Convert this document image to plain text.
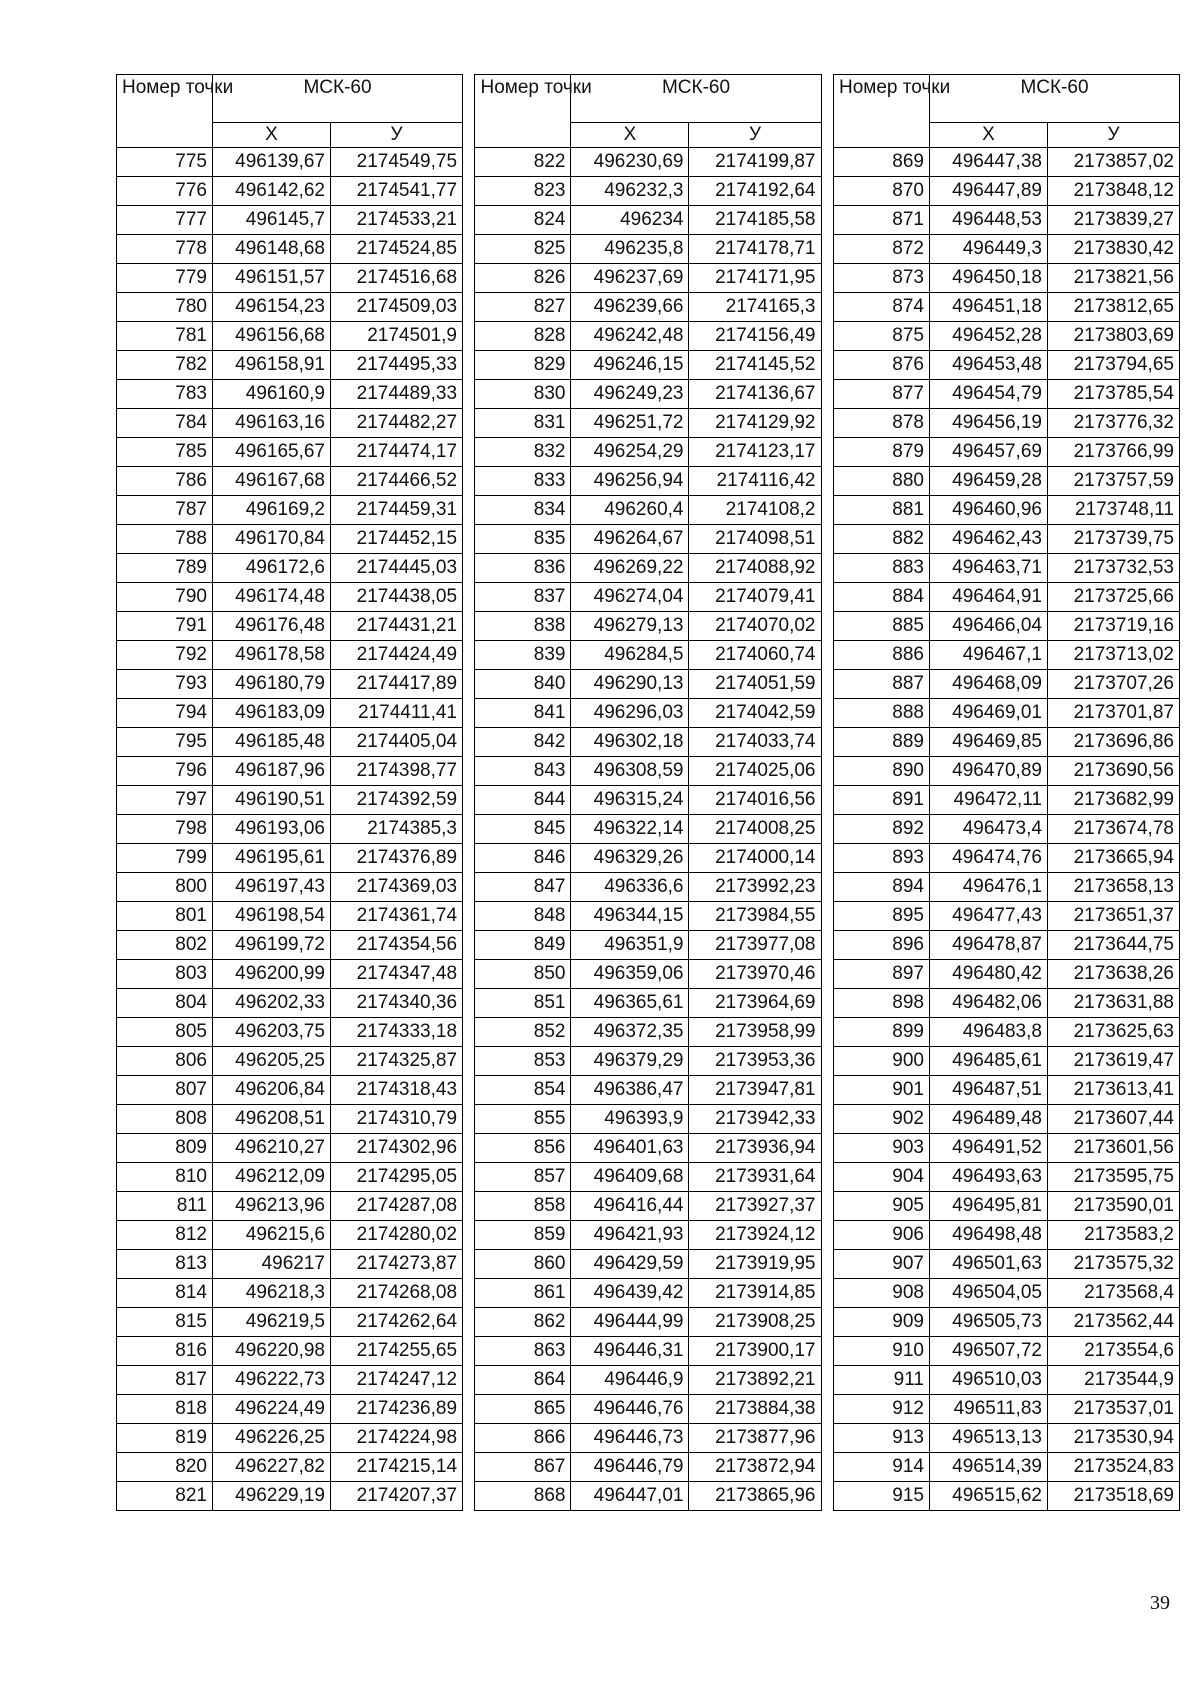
Номер точки	МСК-60	
	X	У
775	496139,67	2174549,75
776	496142,62	2174541,77
777	496145,7	2174533,21
778	496148,68	2174524,85
779	496151,57	2174516,68
780	496154,23	2174509,03
781	496156,68	2174501,9
782	496158,91	2174495,33
783	496160,9	2174489,33
784	496163,16	2174482,27
785	496165,67	2174474,17
786	496167,68	2174466,52
787	496169,2	2174459,31
788	496170,84	2174452,15
789	496172,6	2174445,03
790	496174,48	2174438,05
791	496176,48	2174431,21
792	496178,58	2174424,49
793	496180,79	2174417,89
794	496183,09	2174411,41
795	496185,48	2174405,04
796	496187,96	2174398,77
797	496190,51	2174392,59
798	496193,06	2174385,3
799	496195,61	2174376,89
800	496197,43	2174369,03
801	496198,54	2174361,74
802	496199,72	2174354,56
803	496200,99	2174347,48
804	496202,33	2174340,36
805	496203,75	2174333,18
806	496205,25	2174325,87
807	496206,84	2174318,43
808	496208,51	2174310,79
809	496210,27	2174302,96
810	496212,09	2174295,05
811	496213,96	2174287,08
812	496215,6	2174280,02
813	496217	2174273,87
814	496218,3	2174268,08
815	496219,5	2174262,64
816	496220,98	2174255,65
817	496222,73	2174247,12
818	496224,49	2174236,89
819	496226,25	2174224,98
820	496227,82	2174215,14
821	496229,19	2174207,37
Номер точки	МСК-60	
	X	У
822	496230,69	2174199,87
823	496232,3	2174192,64
824	496234	2174185,58
825	496235,8	2174178,71
826	496237,69	2174171,95
827	496239,66	2174165,3
828	496242,48	2174156,49
829	496246,15	2174145,52
830	496249,23	2174136,67
831	496251,72	2174129,92
832	496254,29	2174123,17
833	496256,94	2174116,42
834	496260,4	2174108,2
835	496264,67	2174098,51
836	496269,22	2174088,92
837	496274,04	2174079,41
838	496279,13	2174070,02
839	496284,5	2174060,74
840	496290,13	2174051,59
841	496296,03	2174042,59
842	496302,18	2174033,74
843	496308,59	2174025,06
844	496315,24	2174016,56
845	496322,14	2174008,25
846	496329,26	2174000,14
847	496336,6	2173992,23
848	496344,15	2173984,55
849	496351,9	2173977,08
850	496359,06	2173970,46
851	496365,61	2173964,69
852	496372,35	2173958,99
853	496379,29	2173953,36
854	496386,47	2173947,81
855	496393,9	2173942,33
856	496401,63	2173936,94
857	496409,68	2173931,64
858	496416,44	2173927,37
859	496421,93	2173924,12
860	496429,59	2173919,95
861	496439,42	2173914,85
862	496444,99	2173908,25
863	496446,31	2173900,17
864	496446,9	2173892,21
865	496446,76	2173884,38
866	496446,73	2173877,96
867	496446,79	2173872,94
868	496447,01	2173865,96
Номер точки	МСК-60	
	X	У
869	496447,38	2173857,02
870	496447,89	2173848,12
871	496448,53	2173839,27
872	496449,3	2173830,42
873	496450,18	2173821,56
874	496451,18	2173812,65
875	496452,28	2173803,69
876	496453,48	2173794,65
877	496454,79	2173785,54
878	496456,19	2173776,32
879	496457,69	2173766,99
880	496459,28	2173757,59
881	496460,96	2173748,11
882	496462,43	2173739,75
883	496463,71	2173732,53
884	496464,91	2173725,66
885	496466,04	2173719,16
886	496467,1	2173713,02
887	496468,09	2173707,26
888	496469,01	2173701,87
889	496469,85	2173696,86
890	496470,89	2173690,56
891	496472,11	2173682,99
892	496473,4	2173674,78
893	496474,76	2173665,94
894	496476,1	2173658,13
895	496477,43	2173651,37
896	496478,87	2173644,75
897	496480,42	2173638,26
898	496482,06	2173631,88
899	496483,8	2173625,63
900	496485,61	2173619,47
901	496487,51	2173613,41
902	496489,48	2173607,44
903	496491,52	2173601,56
904	496493,63	2173595,75
905	496495,81	2173590,01
906	496498,48	2173583,2
907	496501,63	2173575,32
908	496504,05	2173568,4
909	496505,73	2173562,44
910	496507,72	2173554,6
911	496510,03	2173544,9
912	496511,83	2173537,01
913	496513,13	2173530,94
914	496514,39	2173524,83
915	496515,62	2173518,69
39
